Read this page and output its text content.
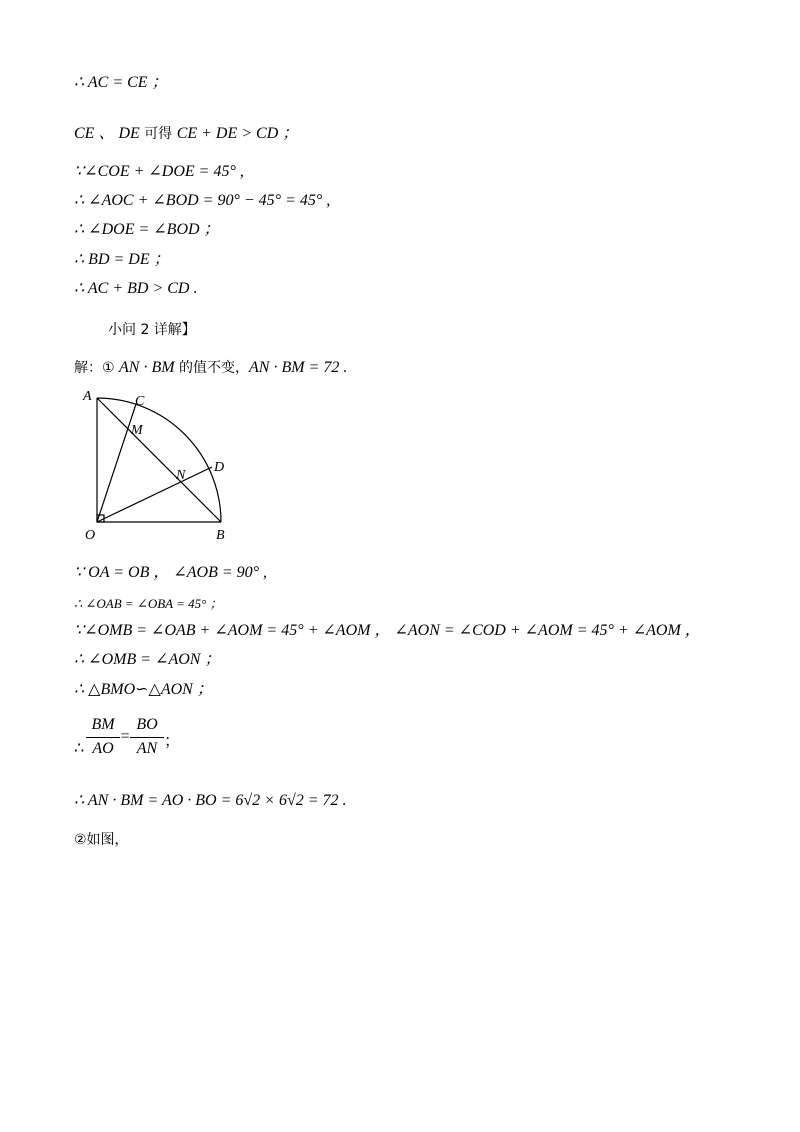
∴ AC = CE ；
CE 、 DE 可得 CE + DE > CD ；
∵∠COE + ∠DOE = 45° ,
∴ ∠AOC + ∠BOD = 90° − 45° = 45° ,
∴ ∠DOE = ∠BOD ；
∴ BD = DE ；
∴ AC + BD > CD .
小问 2 详解】
解：① AN · BM 的值不变，AN · BM = 72 .
A	C
M
N
D
O	B
∵ OA = OB ， ∠AOB = 90° ,
∴ ∠OAB = ∠OBA = 45° ；
∵∠OMB = ∠OAB + ∠AOM = 45° + ∠AOM ， ∠AON = ∠COD + ∠AOM = 45° + ∠AOM ，
∴ ∠OMB = ∠AON ；
∴ △BMO∽△AON ；
∴
BM
AO
=
BO
AN ；
∴ AN · BM = AO · BO = 6√2 × 6√2 = 72 .
②如图，
